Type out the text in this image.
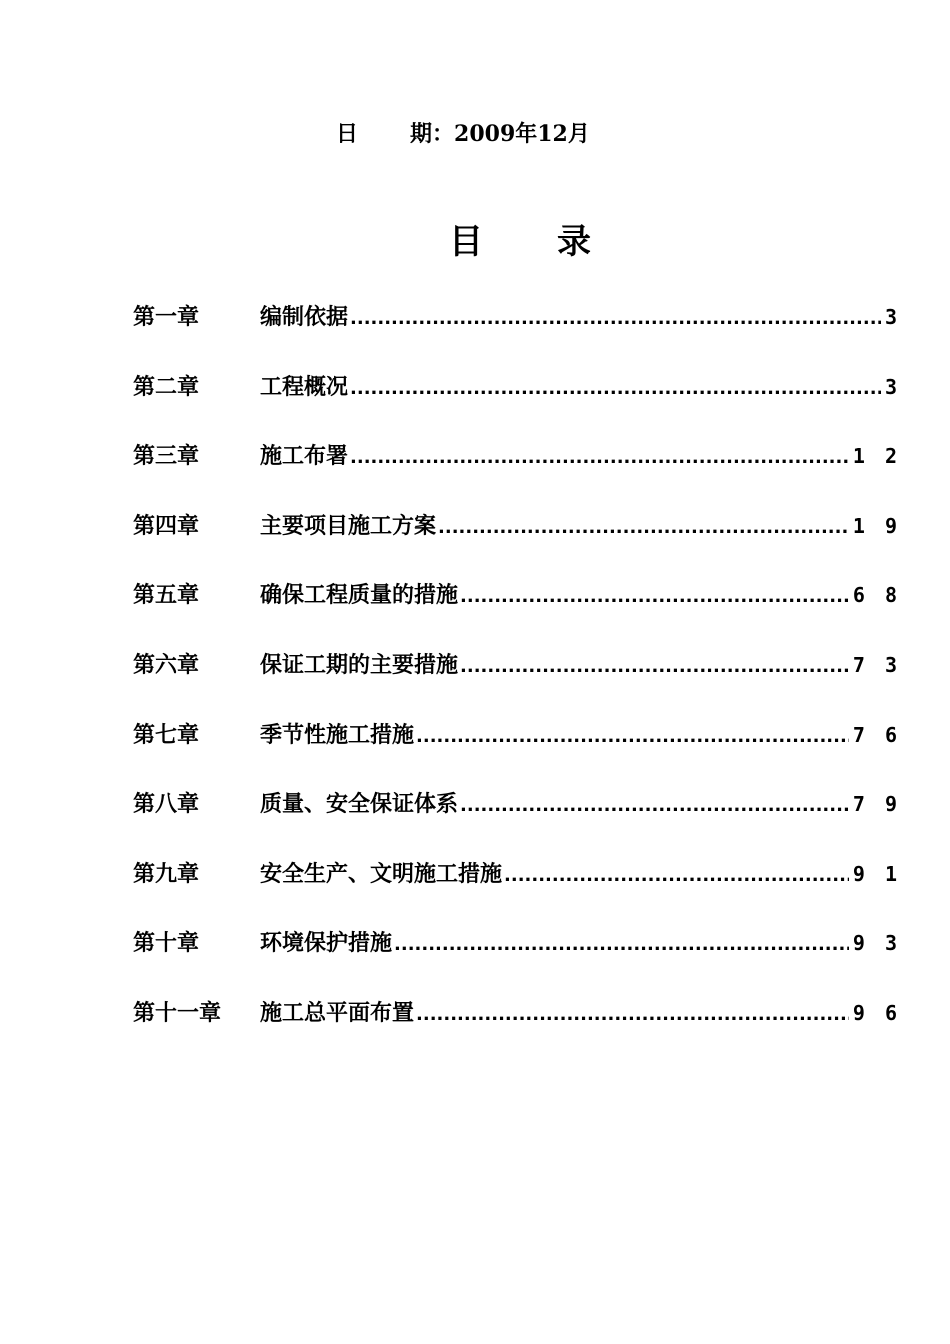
日 期：2009年12月
目 录
第一章	编制依据 .....	3
第二章	工程概况 .....	3
第三章	施工布署 .....	1 2
第四章	主要项目施工方案 .....	1 9
第五章	确保工程质量的措施 .....	6 8
第六章	保证工期的主要措施 .....	7 3
第七章	季节性施工措施 .....	7 6
第八章	质量、安全保证体系 .....	7 9
第九章	安全生产、文明施工措施 .....	9 1
第十章	环境保护措施 .....	9 3
第十一章	施工总平面布置 .....	9 6
